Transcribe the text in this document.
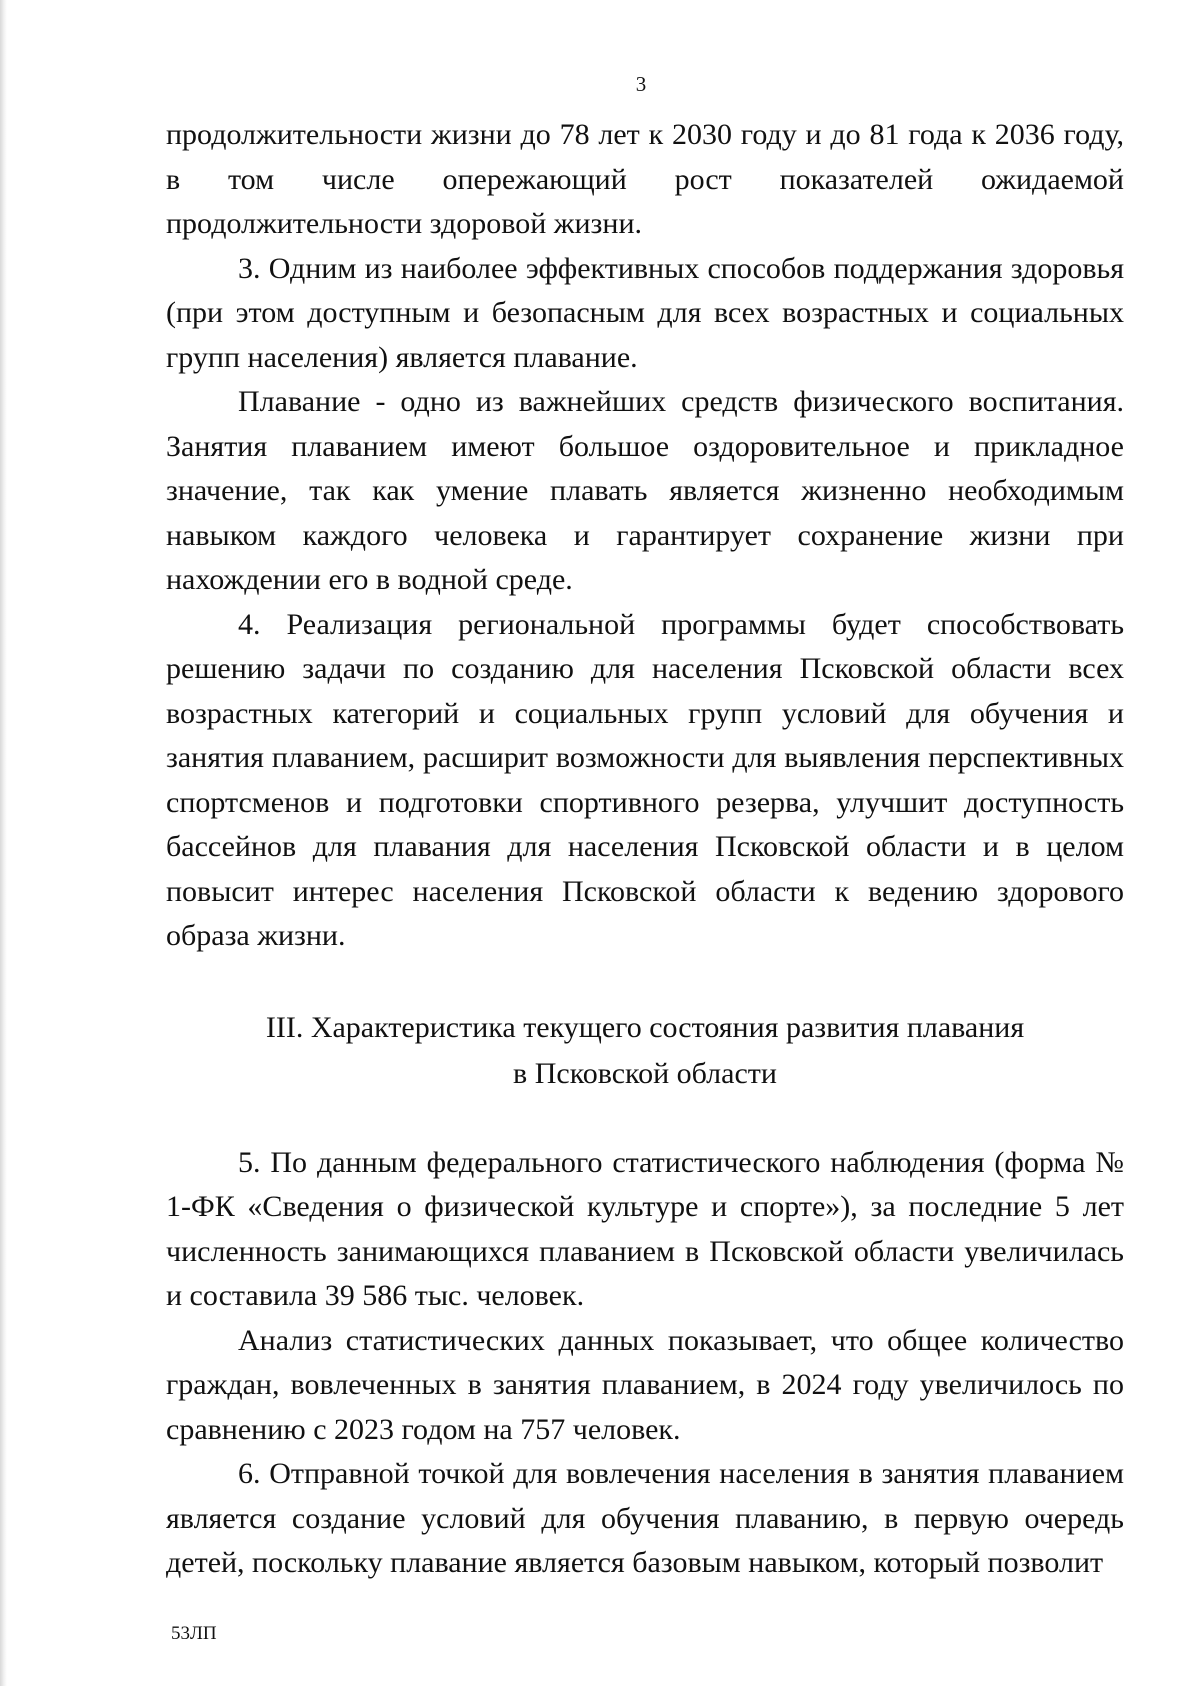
3

продолжительности жизни до 78 лет к 2030 году и до 81 года к 2036 году, в том числе опережающий рост показателей ожидаемой продолжительности здоровой жизни.

3. Одним из наиболее эффективных способов поддержания здоровья (при этом доступным и безопасным для всех возрастных и социальных групп населения) является плавание.

Плавание - одно из важнейших средств физического воспитания. Занятия плаванием имеют большое оздоровительное и прикладное значение, так как умение плавать является жизненно необходимым навыком каждого человека и гарантирует сохранение жизни при нахождении его в водной среде.

4. Реализация региональной программы будет способствовать решению задачи по созданию для населения Псковской области всех возрастных категорий и социальных групп условий для обучения и занятия плаванием, расширит возможности для выявления перспективных спортсменов и подготовки спортивного резерва, улучшит доступность бассейнов для плавания для населения Псковской области и в целом повысит интерес населения Псковской области к ведению здорового образа жизни.

III. Характеристика текущего состояния развития плавания
в Псковской области

5. По данным федерального статистического наблюдения (форма № 1-ФК «Сведения о физической культуре и спорте»), за последние 5 лет численность занимающихся плаванием в Псковской области увеличилась и составила 39 586 тыс. человек.

Анализ статистических данных показывает, что общее количество граждан, вовлеченных в занятия плаванием, в 2024 году увеличилось по сравнению с 2023 годом на 757 человек.

6. Отправной точкой для вовлечения населения в занятия плаванием является создание условий для обучения плаванию, в первую очередь детей, поскольку плавание является базовым навыком, который позволит

53ЛП
